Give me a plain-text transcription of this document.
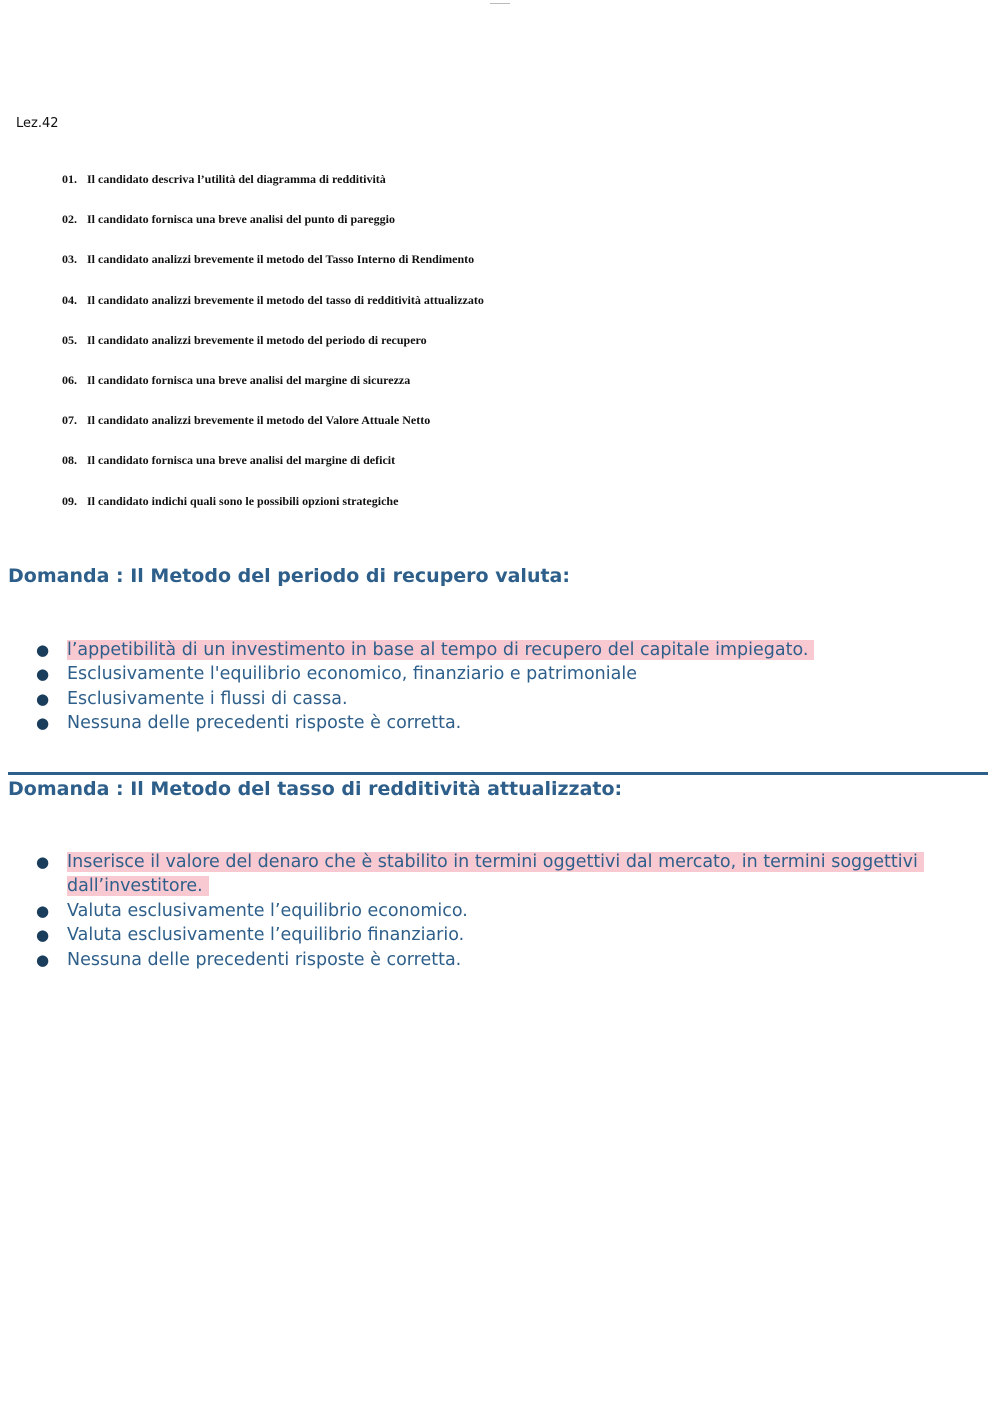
Lez.42
01. Il candidato descriva l’utilità del diagramma di redditività
02. Il candidato fornisca una breve analisi del punto di pareggio
03. Il candidato analizzi brevemente il metodo del Tasso Interno di Rendimento
04. Il candidato analizzi brevemente il metodo del tasso di redditività attualizzato
05. Il candidato analizzi brevemente il metodo del periodo di recupero
06. Il candidato fornisca una breve analisi del margine di sicurezza
07. Il candidato analizzi brevemente il metodo del Valore Attuale Netto
08. Il candidato fornisca una breve analisi del margine di deficit
09. Il candidato indichi quali sono le possibili opzioni strategiche
Domanda : Il Metodo del periodo di recupero valuta:
●	l’appetibilità di un investimento in base al tempo di recupero del capitale impiegato.
●	Esclusivamente l'equilibrio economico, finanziario e patrimoniale
●	Esclusivamente i flussi di cassa.
●	Nessuna delle precedenti risposte è corretta.
Domanda : Il Metodo del tasso di redditività attualizzato:
●	Inserisce il valore del denaro che è stabilito in termini oggettivi dal mercato, in termini soggettivi dall’investitore.
●	Valuta esclusivamente l’equilibrio economico.
●	Valuta esclusivamente l’equilibrio finanziario.
●	Nessuna delle precedenti risposte è corretta.
